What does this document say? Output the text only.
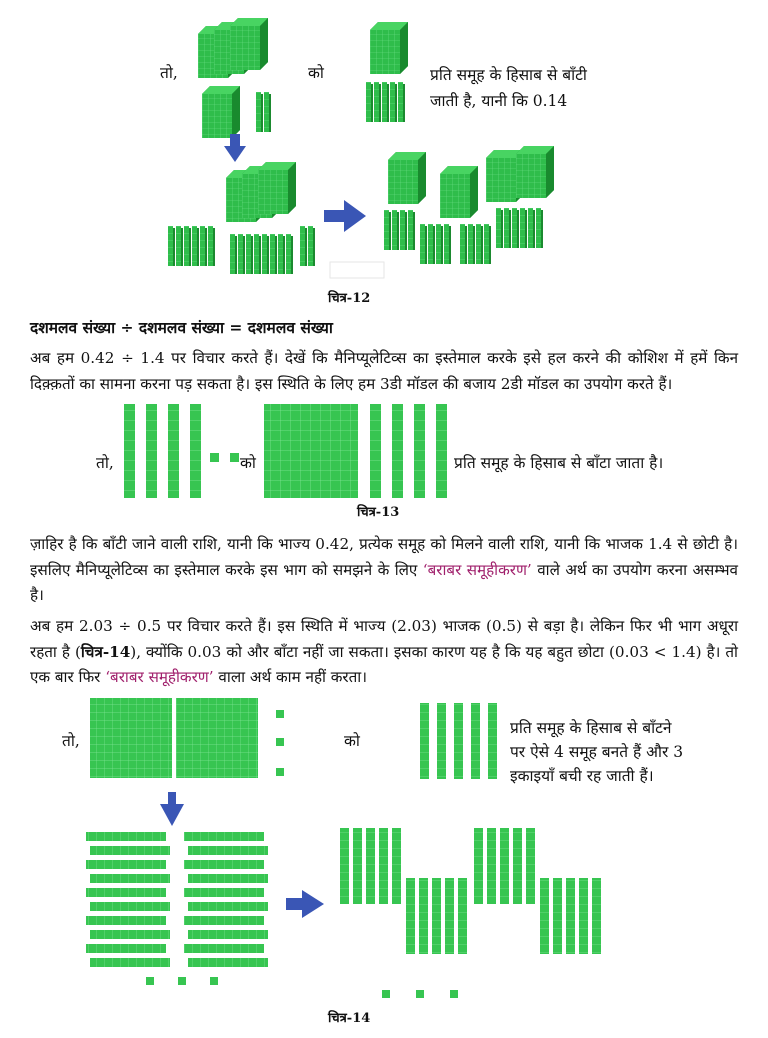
तो,	को	प्रति समूह के हिसाब से बाँटी
जाती है, यानी कि 0.14
चित्र-12
दशमलव संख्या ÷ दशमलव संख्या = दशमलव संख्या

अब हम 0.42 ÷ 1.4 पर विचार करते हैं। देखें कि मैनिप्यूलेटिव्स का इस्तेमाल करके इसे हल करने की कोशिश में हमें किन दिक़्क़तों का सामना करना पड़ सकता है। इस स्थिति के लिए हम 3डी मॉडल की बजाय 2डी मॉडल का उपयोग करते हैं।

तो,	को	प्रति समूह के हिसाब से बाँटा जाता है।
चित्र-13

ज़ाहिर है कि बाँटी जाने वाली राशि, यानी कि भाज्य 0.42, प्रत्येक समूह को मिलने वाली राशि, यानी कि भाजक 1.4 से छोटी है। इसलिए मैनिप्यूलेटिव्स का इस्तेमाल करके इस भाग को समझने के लिए ‘बराबर समूहीकरण’ वाले अर्थ का उपयोग करना असम्भव है।

अब हम 2.03 ÷ 0.5 पर विचार करते हैं। इस स्थिति में भाज्य (2.03) भाजक (0.5) से बड़ा है। लेकिन फिर भी भाग अधूरा रहता है (चित्र-14), क्योंकि 0.03 को और बाँटा नहीं जा सकता। इसका कारण यह है कि यह बहुत छोटा (0.03 < 1.4) है। तो एक बार फिर ‘बराबर समूहीकरण’ वाला अर्थ काम नहीं करता।

तो,	को
प्रति समूह के हिसाब से बाँटने
पर ऐसे 4 समूह बनते हैं और 3
इकाइयाँ बची रह जाती हैं।
चित्र-14
